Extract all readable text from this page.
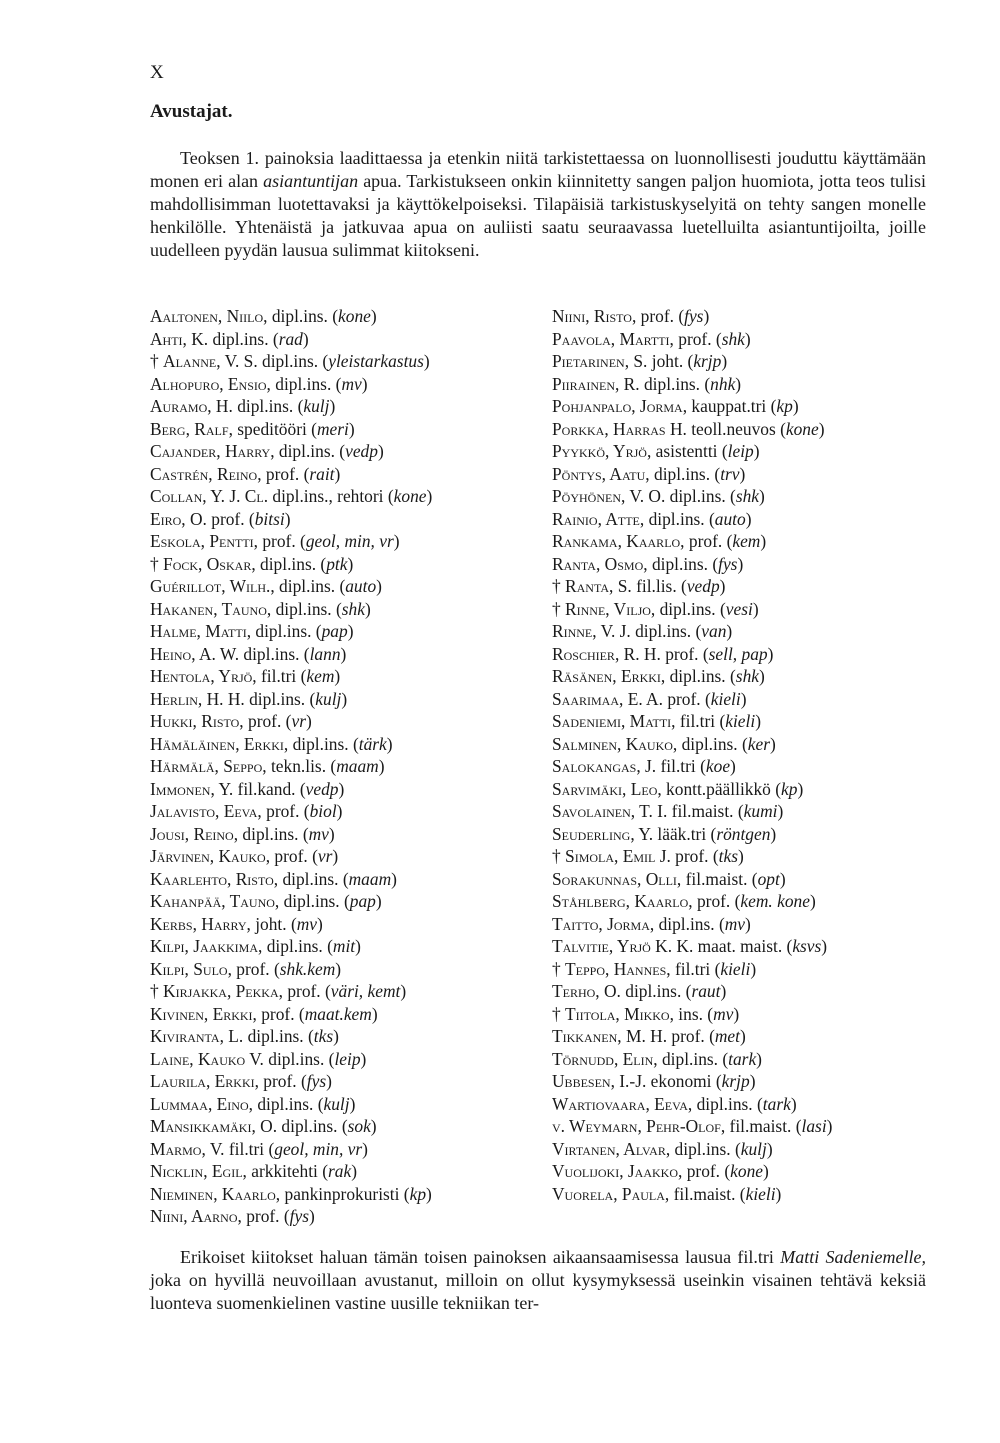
X
Avustajat.

Teoksen 1. painoksia laadittaessa ja etenkin niitä tarkistettaessa on luonnollisesti jouduttu käyttämään monen eri alan asiantuntijan apua. Tarkistukseen onkin kiinnitetty sangen paljon huomiota, jotta teos tulisi mahdollisimman luotettavaksi ja käyttökelpoiseksi. Tilapäisiä tarkistuskyselyitä on tehty sangen monelle henkilölle. Yhtenäistä ja jatkuvaa apua on auliisti saatu seuraavassa luetelluilta asiantuntijoilta, joille uudelleen pyydän lausua sulimmat kiitokseni.

Aaltonen, Niilo, dipl.ins. (kone)
Ahti, K. dipl.ins. (rad)
† Alanne, V. S. dipl.ins. (yleistarkastus)
Alhopuro, Ensio, dipl.ins. (mv)
Auramo, H. dipl.ins. (kulj)
Berg, Ralf, speditööri (meri)
Cajander, Harry, dipl.ins. (vedp)
Castrén, Reino, prof. (rait)
Collan, Y. J. Cl. dipl.ins., rehtori (kone)
Eiro, O. prof. (bitsi)
Eskola, Pentti, prof. (geol, min, vr)
† Fock, Oskar, dipl.ins. (ptk)
Guérillot, Wilh., dipl.ins. (auto)
Hakanen, Tauno, dipl.ins. (shk)
Halme, Matti, dipl.ins. (pap)
Heino, A. W. dipl.ins. (lann)
Hentola, Yrjö, fil.tri (kem)
Herlin, H. H. dipl.ins. (kulj)
Hukki, Risto, prof. (vr)
Hämäläinen, Erkki, dipl.ins. (tärk)
Härmälä, Seppo, tekn.lis. (maam)
Immonen, Y. fil.kand. (vedp)
Jalavisto, Eeva, prof. (biol)
Jousi, Reino, dipl.ins. (mv)
Järvinen, Kauko, prof. (vr)
Kaarlehto, Risto, dipl.ins. (maam)
Kahanpää, Tauno, dipl.ins. (pap)
Kerbs, Harry, joht. (mv)
Kilpi, Jaakkima, dipl.ins. (mit)
Kilpi, Sulo, prof. (shk.kem)
† Kirjakka, Pekka, prof. (väri, kemt)
Kivinen, Erkki, prof. (maat.kem)
Kiviranta, L. dipl.ins. (tks)
Laine, Kauko V. dipl.ins. (leip)
Laurila, Erkki, prof. (fys)
Lummaa, Eino, dipl.ins. (kulj)
Mansikkamäki, O. dipl.ins. (sok)
Marmo, V. fil.tri (geol, min, vr)
Nicklin, Egil, arkkitehti (rak)
Nieminen, Kaarlo, pankinprokuristi (kp)
Niini, Aarno, prof. (fys)
Niini, Risto, prof. (fys)
Paavola, Martti, prof. (shk)
Pietarinen, S. joht. (krjp)
Piirainen, R. dipl.ins. (nhk)
Pohjanpalo, Jorma, kauppat.tri (kp)
Porkka, Harras H. teoll.neuvos (kone)
Pyykkö, Yrjö, asistentti (leip)
Pöntys, Aatu, dipl.ins. (trv)
Pöyhönen, V. O. dipl.ins. (shk)
Rainio, Atte, dipl.ins. (auto)
Rankama, Kaarlo, prof. (kem)
Ranta, Osmo, dipl.ins. (fys)
† Ranta, S. fil.lis. (vedp)
† Rinne, Viljo, dipl.ins. (vesi)
Rinne, V. J. dipl.ins. (van)
Roschier, R. H. prof. (sell, pap)
Räsänen, Erkki, dipl.ins. (shk)
Saarimaa, E. A. prof. (kieli)
Sadeniemi, Matti, fil.tri (kieli)
Salminen, Kauko, dipl.ins. (ker)
Salokangas, J. fil.tri (koe)
Sarvimäki, Leo, kontt.päällikkö (kp)
Savolainen, T. I. fil.maist. (kumi)
Seuderling, Y. lääk.tri (röntgen)
† Simola, Emil J. prof. (tks)
Sorakunnas, Olli, fil.maist. (opt)
Ståhlberg, Kaarlo, prof. (kem. kone)
Taitto, Jorma, dipl.ins. (mv)
Talvitie, Yrjö K. K. maat. maist. (ksvs)
† Teppo, Hannes, fil.tri (kieli)
Terho, O. dipl.ins. (raut)
† Tiitola, Mikko, ins. (mv)
Tikkanen, M. H. prof. (met)
Törnudd, Elin, dipl.ins. (tark)
Ubbesen, I.-J. ekonomi (krjp)
Wartiovaara, Eeva, dipl.ins. (tark)
v. Weymarn, Pehr-Olof, fil.maist. (lasi)
Virtanen, Alvar, dipl.ins. (kulj)
Vuolijoki, Jaakko, prof. (kone)
Vuorela, Paula, fil.maist. (kieli)

Erikoiset kiitokset haluan tämän toisen painoksen aikaansaamisessa lausua fil.tri Matti Sadeniemelle, joka on hyvillä neuvoillaan avustanut, milloin on ollut kysymyksessä useinkin visainen tehtävä keksiä luonteva suomenkielinen vastine uusille tekniikan ter-
